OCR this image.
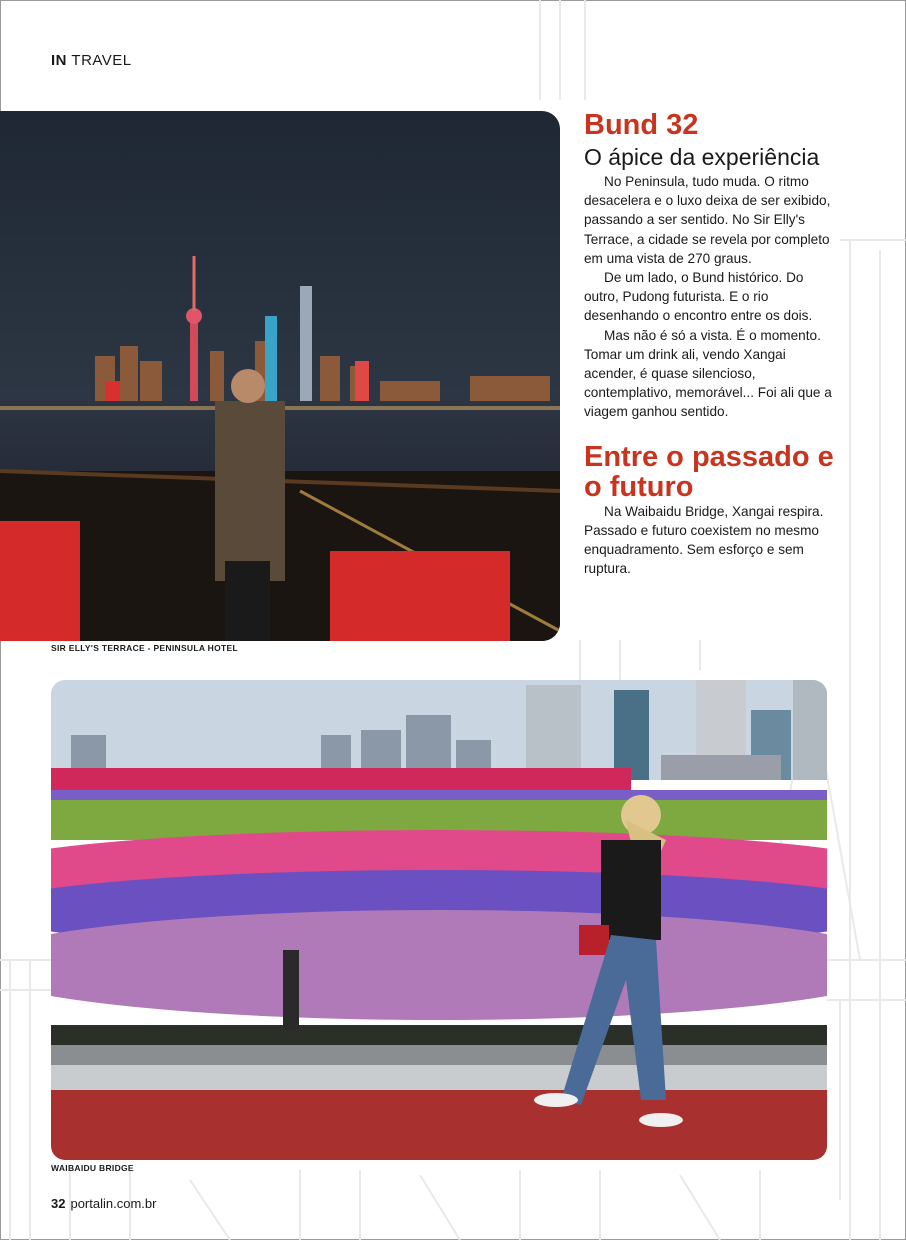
IN TRAVEL
SIR ELLY'S TERRACE - PENINSULA HOTEL
Bund 32
O ápice da experiência

No Peninsula, tudo muda. O ritmo desacelera e o luxo deixa de ser exibido, passando a ser sentido. No Sir Elly's Terrace, a cidade se revela por completo em uma vista de 270 graus.

De um lado, o Bund histórico. Do outro, Pudong futurista. E o rio desenhando o encontro entre os dois.

Mas não é só a vista. É o momento. Tomar um drink ali, vendo Xangai acender, é quase silencioso, contemplativo, memorável... Foi ali que a viagem ganhou sentido.

Entre o passado e o futuro

Na Waibaidu Bridge, Xangai respira. Passado e futuro coexistem no mesmo enquadramento. Sem esforço e sem ruptura.

WAIBAIDU BRIDGE
32 portalin.com.br
